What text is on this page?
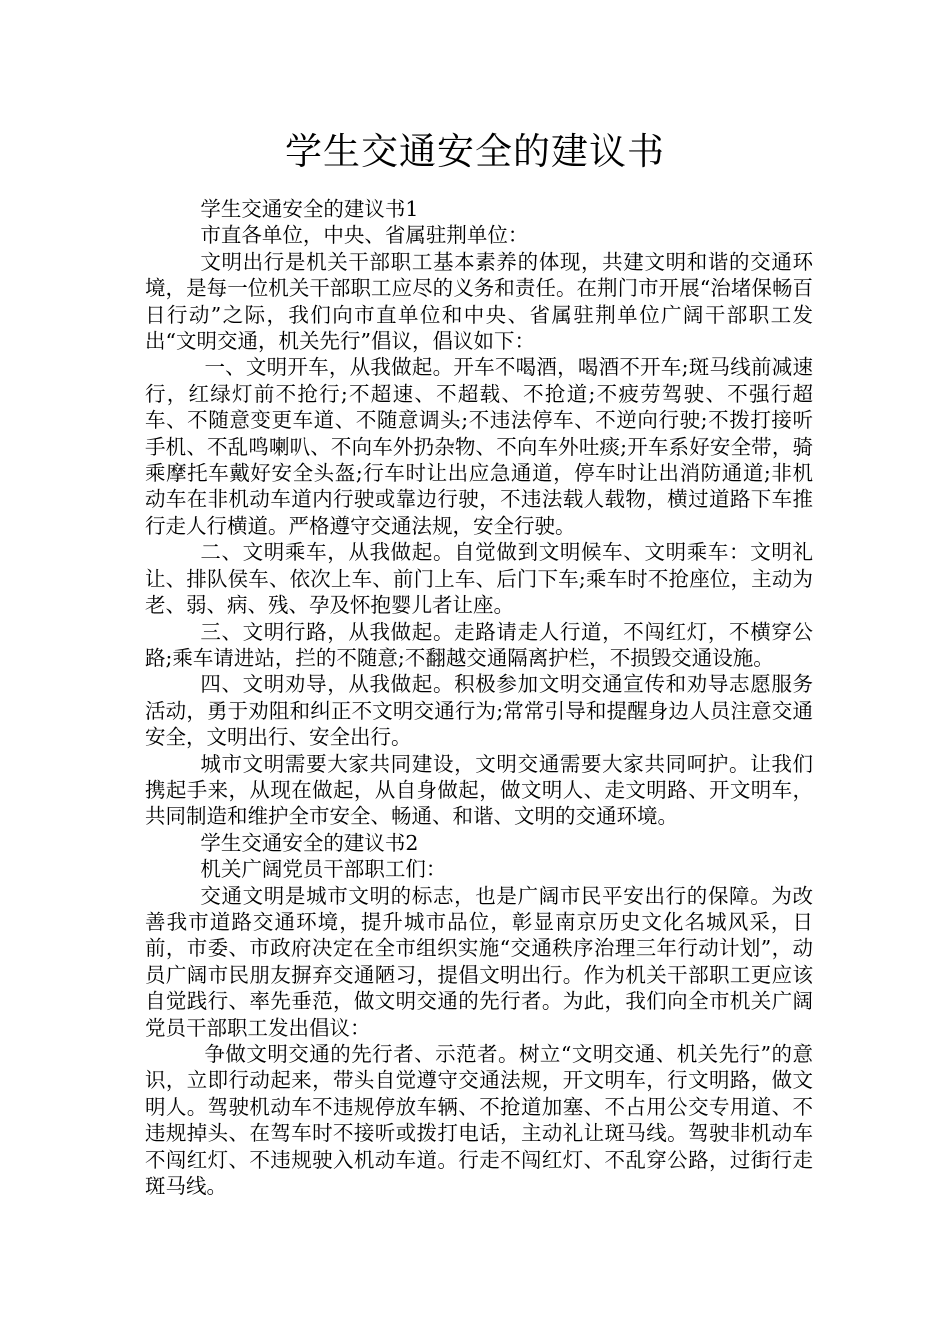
学生交通安全的建议书

学生交通安全的建议书1

市直各单位，中央、省属驻荆单位：

文明出行是机关干部职工基本素养的体现，共建文明和谐的交通环境，是每一位机关干部职工应尽的义务和责任。在荆门市开展“治堵保畅百日行动”之际，我们向市直单位和中央、省属驻荆单位广阔干部职工发出“文明交通，机关先行”倡议，倡议如下：

一、文明开车，从我做起。开车不喝酒，喝酒不开车;斑马线前减速行，红绿灯前不抢行;不超速、不超载、不抢道;不疲劳驾驶、不强行超车、不随意变更车道、不随意调头;不违法停车、不逆向行驶;不拨打接听手机、不乱鸣喇叭、不向车外扔杂物、不向车外吐痰;开车系好安全带，骑乘摩托车戴好安全头盔;行车时让出应急通道，停车时让出消防通道;非机动车在非机动车道内行驶或靠边行驶，不违法载人载物，横过道路下车推行走人行横道。严格遵守交通法规，安全行驶。

二、文明乘车，从我做起。自觉做到文明候车、文明乘车：文明礼让、排队侯车、依次上车、前门上车、后门下车;乘车时不抢座位，主动为老、弱、病、残、孕及怀抱婴儿者让座。

三、文明行路，从我做起。走路请走人行道，不闯红灯，不横穿公路;乘车请进站，拦的不随意;不翻越交通隔离护栏，不损毁交通设施。

四、文明劝导，从我做起。积极参加文明交通宣传和劝导志愿服务活动，勇于劝阻和纠正不文明交通行为;常常引导和提醒身边人员注意交通安全，文明出行、安全出行。

城市文明需要大家共同建设，文明交通需要大家共同呵护。让我们携起手来，从现在做起，从自身做起，做文明人、走文明路、开文明车，共同制造和维护全市安全、畅通、和谐、文明的交通环境。

学生交通安全的建议书2

机关广阔党员干部职工们：

交通文明是城市文明的标志，也是广阔市民平安出行的保障。为改善我市道路交通环境，提升城市品位，彰显南京历史文化名城风采，日前，市委、市政府决定在全市组织实施“交通秩序治理三年行动计划”，动员广阔市民朋友摒弃交通陋习，提倡文明出行。作为机关干部职工更应该自觉践行、率先垂范，做文明交通的先行者。为此，我们向全市机关广阔党员干部职工发出倡议：

争做文明交通的先行者、示范者。树立“文明交通、机关先行”的意识，立即行动起来，带头自觉遵守交通法规，开文明车，行文明路，做文明人。驾驶机动车不违规停放车辆、不抢道加塞、不占用公交专用道、不违规掉头、在驾车时不接听或拨打电话，主动礼让斑马线。驾驶非机动车不闯红灯、不违规驶入机动车道。行走不闯红灯、不乱穿公路，过街行走斑马线。
